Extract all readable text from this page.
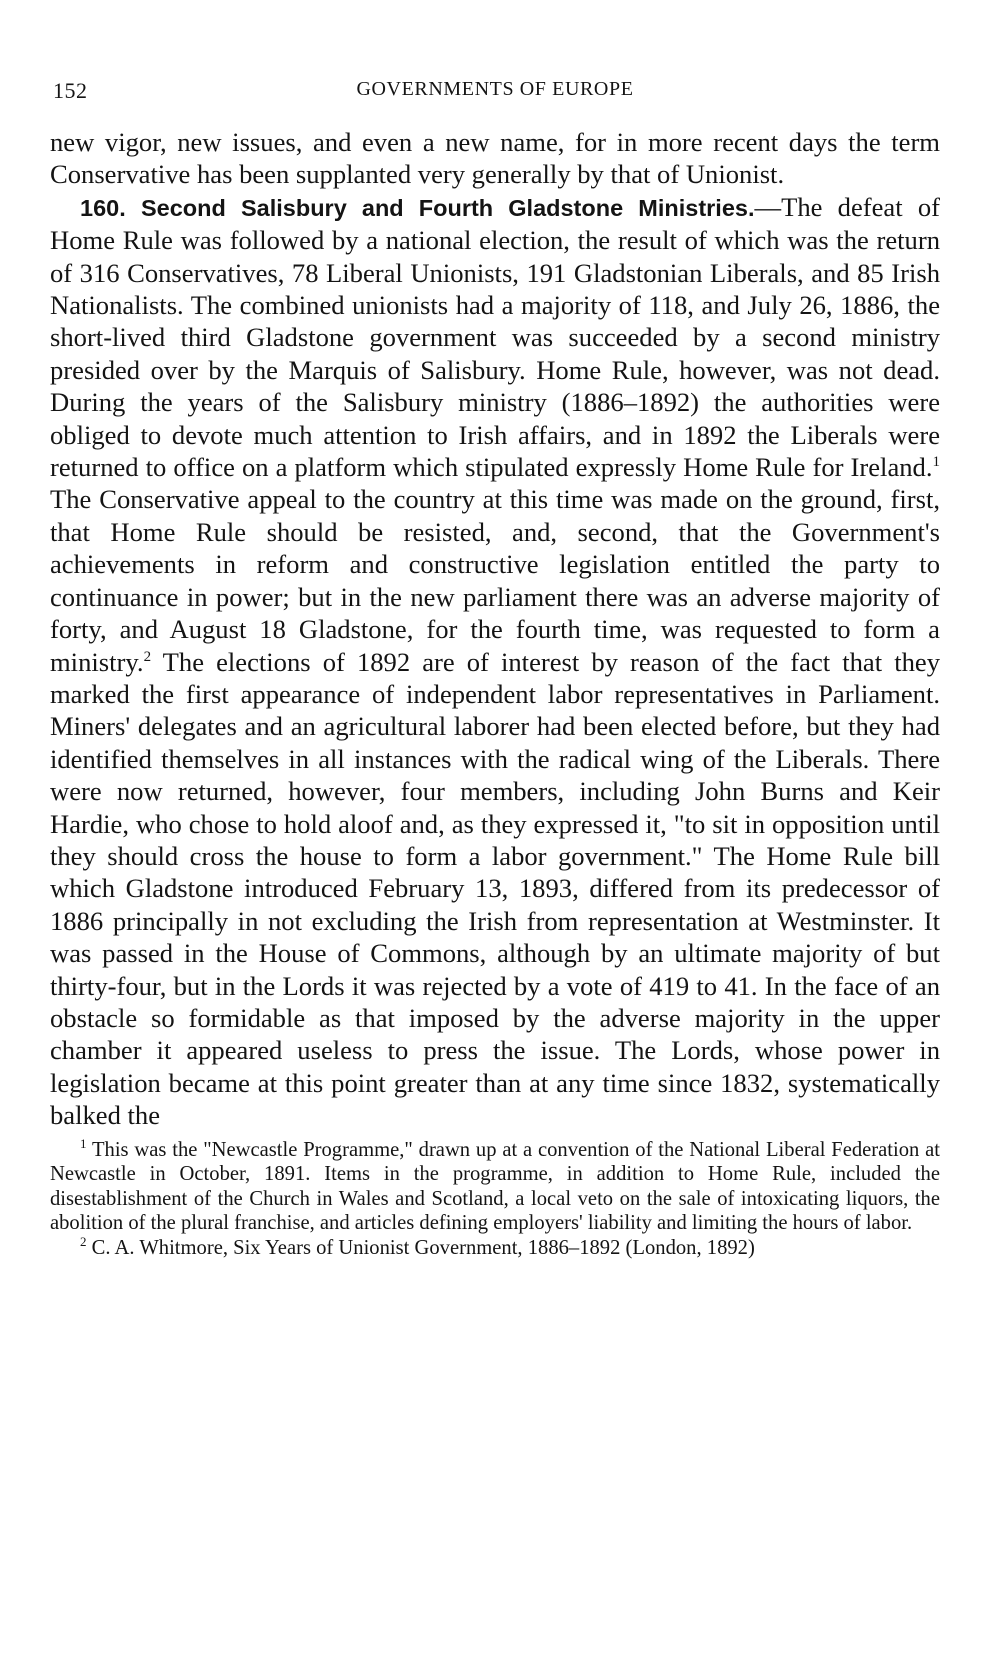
152	GOVERNMENTS OF EUROPE

new vigor, new issues, and even a new name, for in more recent days the term Conservative has been supplanted very generally by that of Unionist.

160. Second Salisbury and Fourth Gladstone Ministries.—The defeat of Home Rule was followed by a national election, the result of which was the return of 316 Conservatives, 78 Liberal Unionists, 191 Gladstonian Liberals, and 85 Irish Nationalists. The combined unionists had a majority of 118, and July 26, 1886, the short-lived third Gladstone government was succeeded by a second ministry presided over by the Marquis of Salisbury. Home Rule, however, was not dead. During the years of the Salisbury ministry (1886–1892) the authorities were obliged to devote much attention to Irish affairs, and in 1892 the Liberals were returned to office on a platform which stipulated expressly Home Rule for Ireland.$^1$ The Conservative appeal to the country at this time was made on the ground, first, that Home Rule should be resisted, and, second, that the Government's achievements in reform and constructive legislation entitled the party to continuance in power; but in the new parliament there was an adverse majority of forty, and August 18 Gladstone, for the fourth time, was requested to form a ministry.$^2$ The elections of 1892 are of interest by reason of the fact that they marked the first appearance of independent labor representatives in Parliament. Miners' delegates and an agricultural laborer had been elected before, but they had identified themselves in all instances with the radical wing of the Liberals. There were now returned, however, four members, including John Burns and Keir Hardie, who chose to hold aloof and, as they expressed it, "to sit in opposition until they should cross the house to form a labor government." The Home Rule bill which Gladstone introduced February 13, 1893, differed from its predecessor of 1886 principally in not excluding the Irish from representation at Westminster. It was passed in the House of Commons, although by an ultimate majority of but thirty-four, but in the Lords it was rejected by a vote of 419 to 41. In the face of an obstacle so formidable as that imposed by the adverse majority in the upper chamber it appeared useless to press the issue. The Lords, whose power in legislation became at this point greater than at any time since 1832, systematically balked the

$^1$ This was the "Newcastle Programme," drawn up at a convention of the National Liberal Federation at Newcastle in October, 1891. Items in the programme, in addition to Home Rule, included the disestablishment of the Church in Wales and Scotland, a local veto on the sale of intoxicating liquors, the abolition of the plural franchise, and articles defining employers' liability and limiting the hours of labor.

$^2$ C. A. Whitmore, Six Years of Unionist Government, 1886–1892 (London, 1892)
